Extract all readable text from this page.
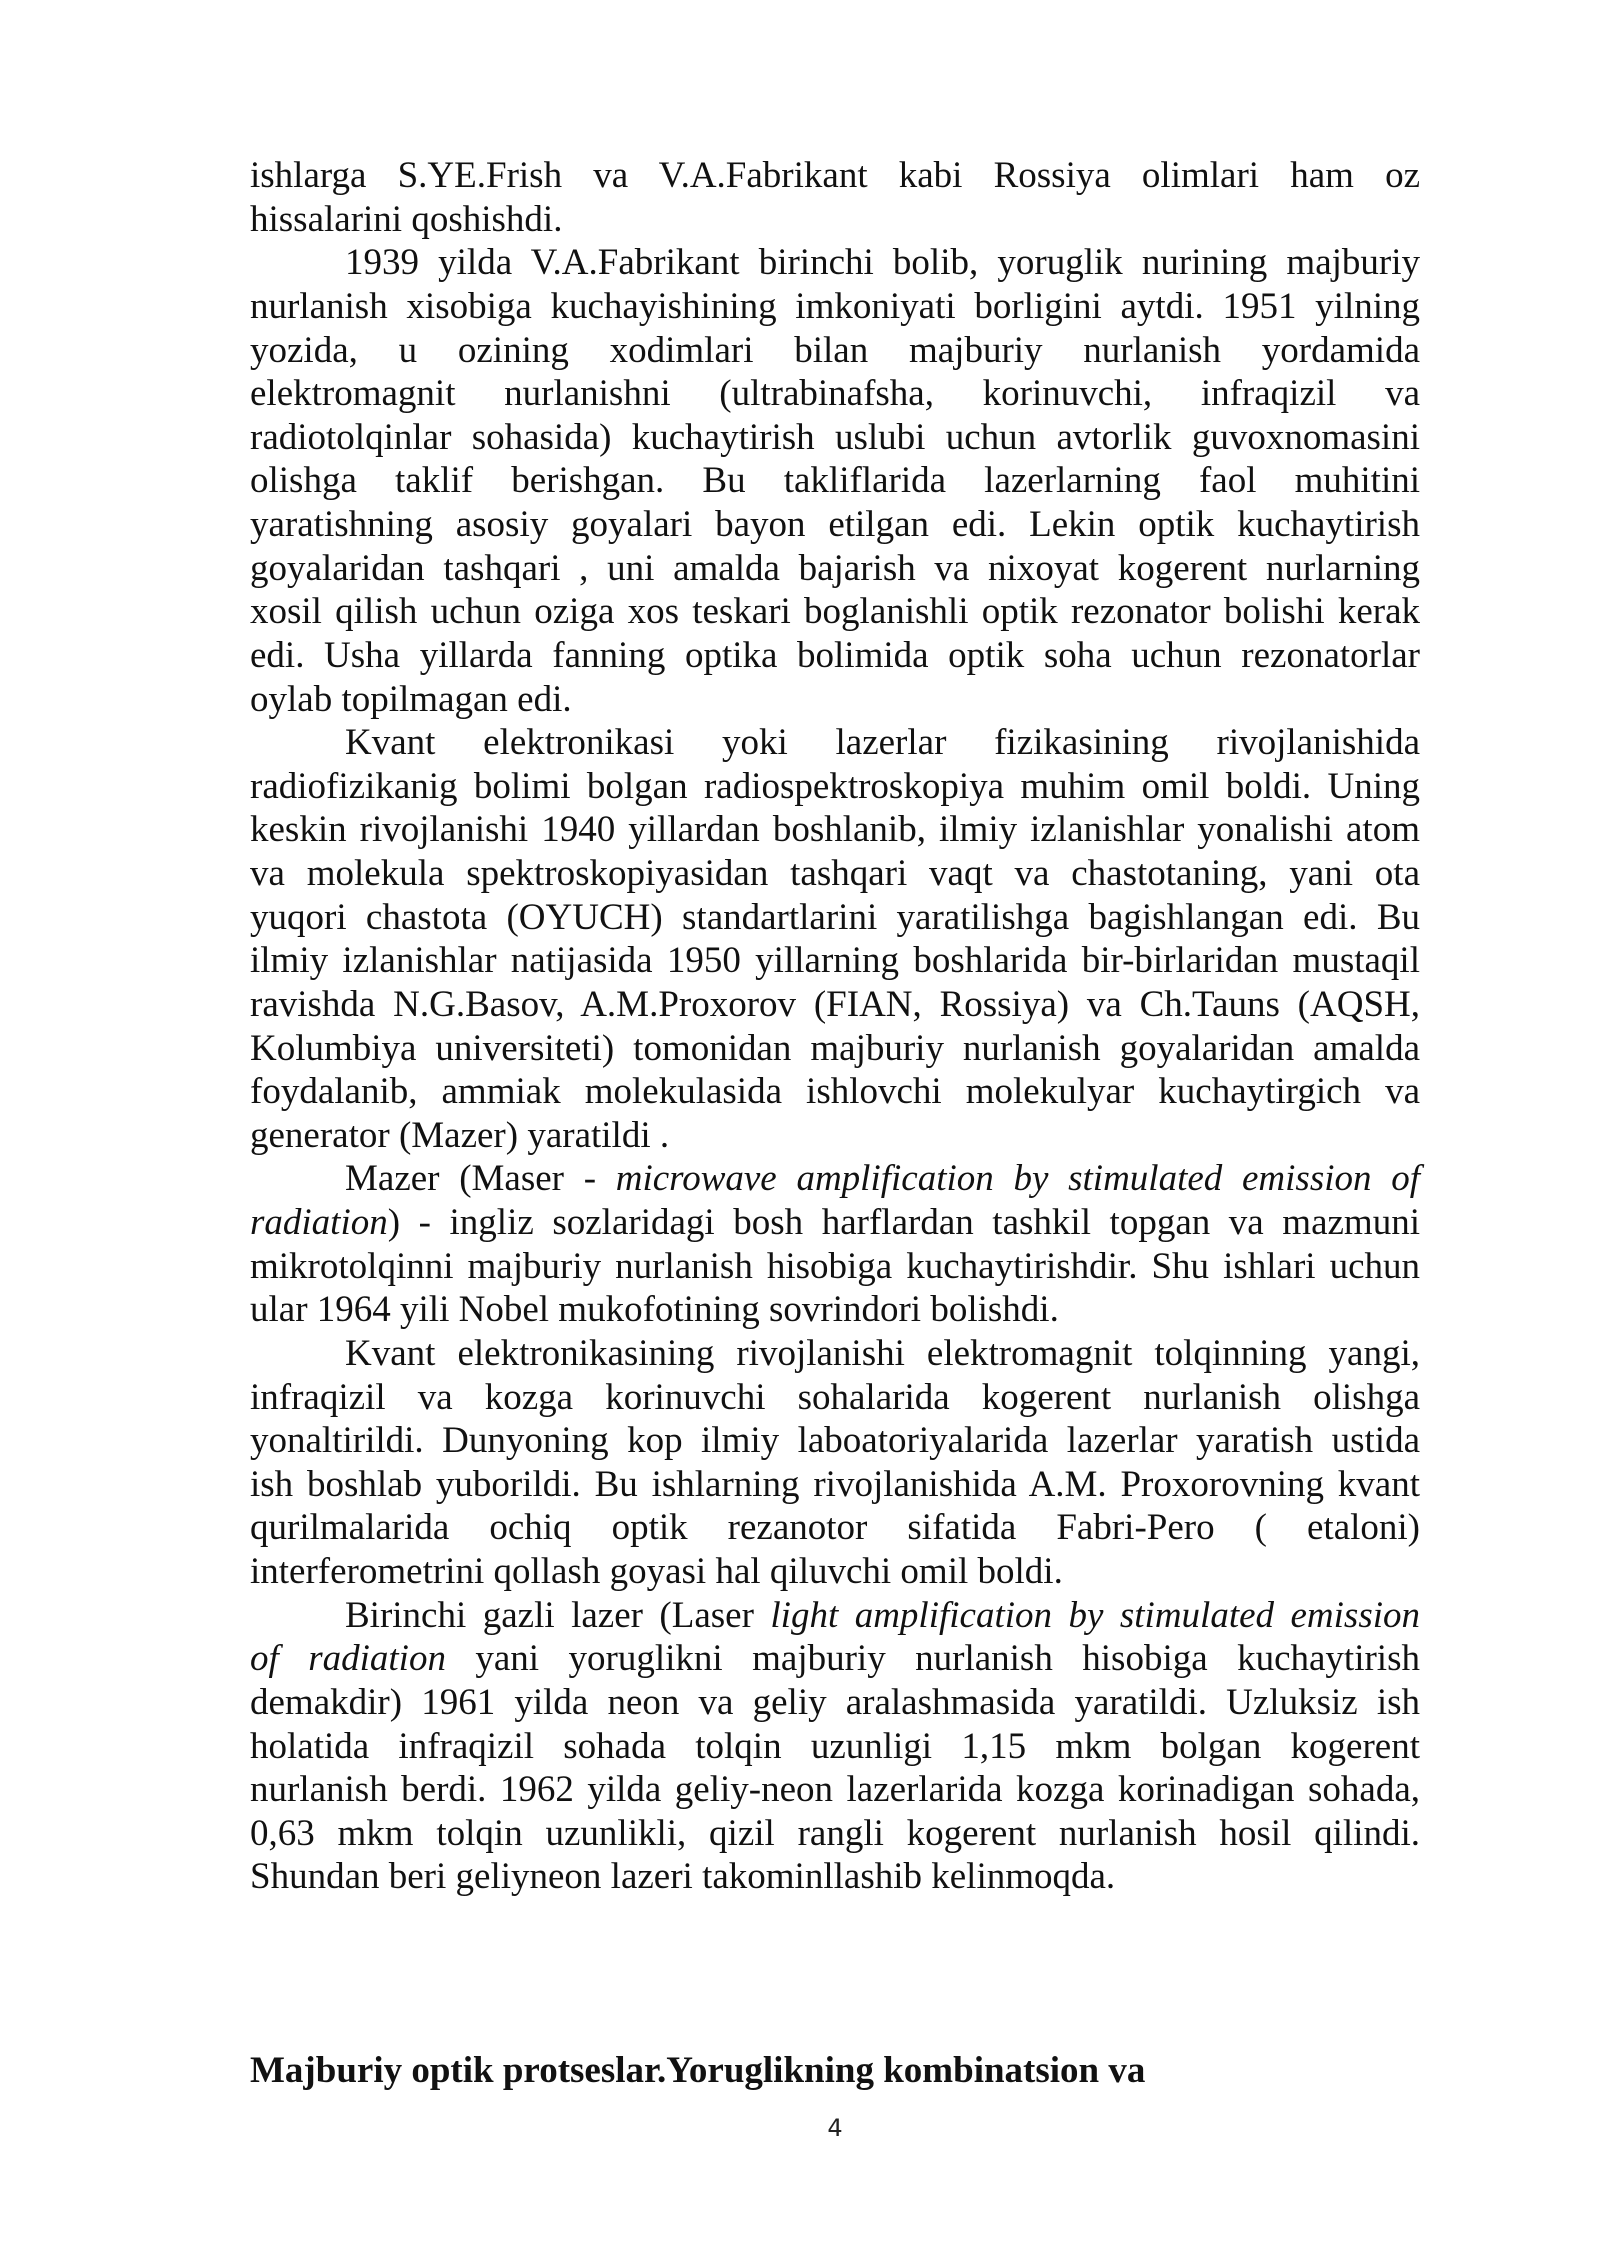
ishlarga S.YE.Frish va V.A.Fabrikant kabi Rossiya olimlari ham oz
hissalarini qoshishdi.
1939 yilda V.A.Fabrikant birinchi bolib, yoruglik nurining majburiy
nurlanish xisobiga kuchayishining imkoniyati borligini aytdi. 1951 yilning
yozida, u ozining xodimlari bilan majburiy nurlanish yordamida
elektromagnit nurlanishni (ultrabinafsha, korinuvchi, infraqizil va
radiotolqinlar sohasida) kuchaytirish uslubi uchun avtorlik guvoxnomasini
olishga taklif berishgan. Bu takliflarida lazerlarning faol muhitini
yaratishning asosiy goyalari bayon etilgan edi. Lekin optik kuchaytirish
goyalaridan tashqari , uni amalda bajarish va nixoyat kogerent nurlarning
xosil qilish uchun oziga xos teskari boglanishli optik rezonator bolishi kerak
edi. Usha yillarda fanning optika bolimida optik soha uchun rezonatorlar
oylab topilmagan edi.
Kvant elektronikasi yoki lazerlar fizikasining rivojlanishida
radiofizikanig bolimi bolgan radiospektroskopiya muhim omil boldi. Uning
keskin rivojlanishi 1940 yillardan boshlanib, ilmiy izlanishlar yonalishi atom
va molekula spektroskopiyasidan tashqari vaqt va chastotaning, yani ota
yuqori chastota (OYUCH) standartlarini yaratilishga bagishlangan edi. Bu
ilmiy izlanishlar natijasida 1950 yillarning boshlarida bir-birlaridan mustaqil
ravishda N.G.Basov, A.M.Proxorov (FIAN, Rossiya) va Ch.Tauns (AQSH,
Kolumbiya universiteti) tomonidan majburiy nurlanish goyalaridan amalda
foydalanib, ammiak molekulasida ishlovchi molekulyar kuchaytirgich va
generator (Mazer) yaratildi .
Mazer (Maser - microwave amplification by stimulated emission of
radiation) - ingliz sozlaridagi bosh harflardan tashkil topgan va mazmuni
mikrotolqinni majburiy nurlanish hisobiga kuchaytirishdir. Shu ishlari uchun
ular 1964 yili Nobel mukofotining sovrindori bolishdi.
Kvant elektronikasining rivojlanishi elektromagnit tolqinning yangi,
infraqizil va kozga korinuvchi sohalarida kogerent nurlanish olishga
yonaltirildi. Dunyoning kop ilmiy laboatoriyalarida lazerlar yaratish ustida
ish boshlab yuborildi. Bu ishlarning rivojlanishida A.M. Proxorovning kvant
qurilmalarida ochiq optik rezanotor sifatida Fabri-Pero ( etaloni)
interferometrini qollash goyasi hal qiluvchi omil boldi.
Birinchi gazli lazer (Laser light amplification by stimulated emission
of radiation yani yoruglikni majburiy nurlanish hisobiga kuchaytirish
demakdir) 1961 yilda neon va geliy aralashmasida yaratildi. Uzluksiz ish
holatida infraqizil sohada tolqin uzunligi 1,15 mkm bolgan kogerent
nurlanish berdi. 1962 yilda geliy-neon lazerlarida kozga korinadigan sohada,
0,63 mkm tolqin uzunlikli, qizil rangli kogerent nurlanish hosil qilindi.
Shundan beri geliyneon lazeri takominllashib kelinmoqda.
Majburiy optik protseslar.Yoruglikning kombinatsion va
4
